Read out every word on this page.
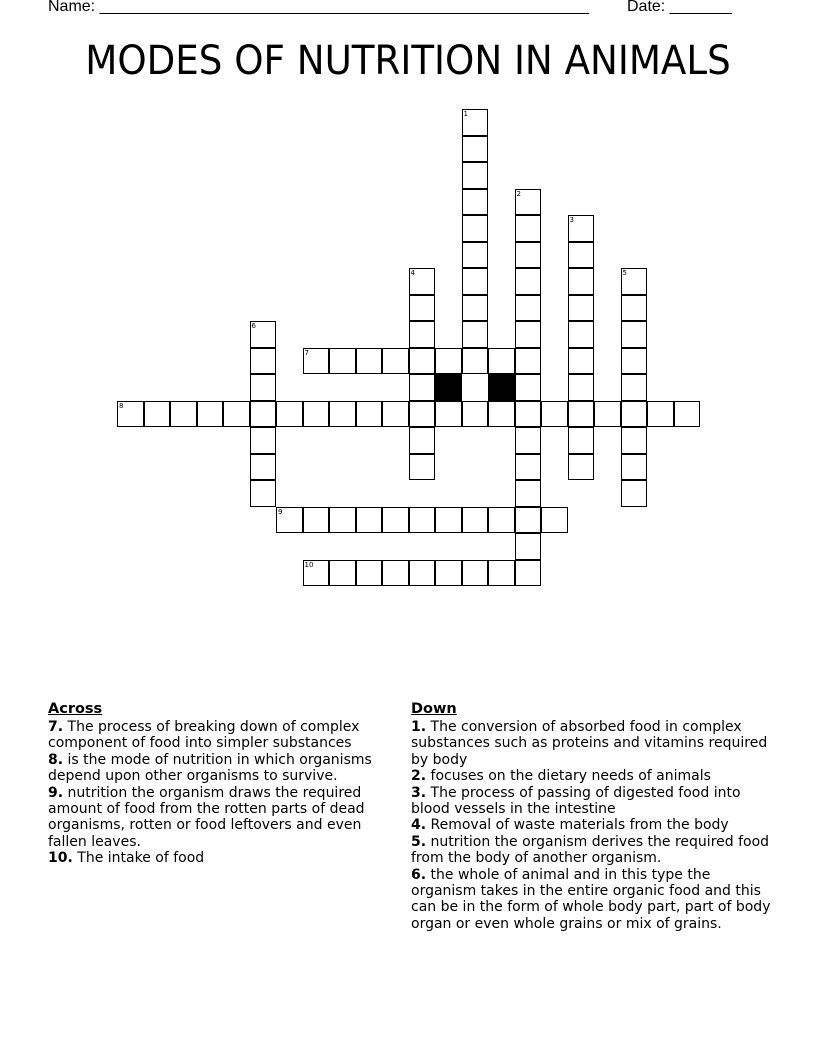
Name: _______________________________________________________ Date: _______
MODES OF NUTRITION IN ANIMALS
1
2
3
4	5
6
7
8
9
10
Across
7. The process of breaking down of complex component of food into simpler substances
8. is the mode of nutrition in which organisms depend upon other organisms to survive.
9. nutrition the organism draws the required amount of food from the rotten parts of dead organisms, rotten or food leftovers and even fallen leaves.
10. The intake of food
Down
1. The conversion of absorbed food in complex substances such as proteins and vitamins required by body
2. focuses on the dietary needs of animals
3. The process of passing of digested food into blood vessels in the intestine
4. Removal of waste materials from the body
5. nutrition the organism derives the required food from the body of another organism.
6. the whole of animal and in this type the organism takes in the entire organic food and this can be in the form of whole body part, part of body organ or even whole grains or mix of grains.
